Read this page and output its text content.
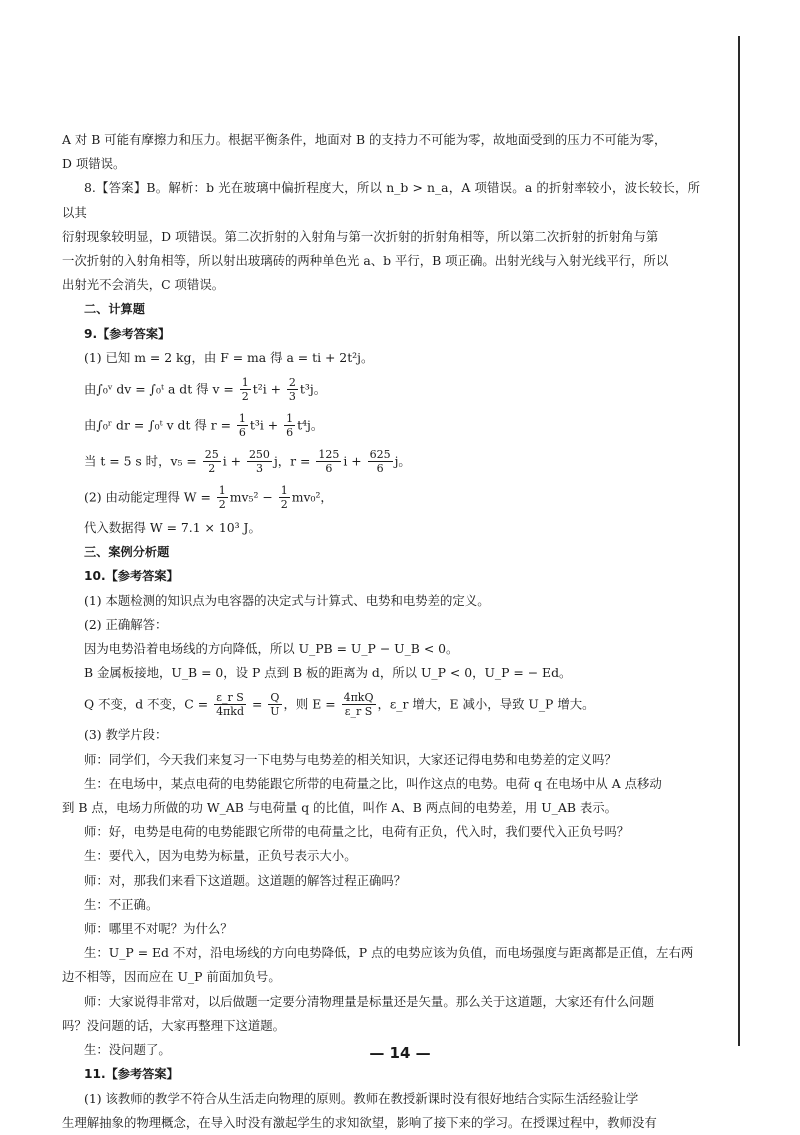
A 对 B 可能有摩擦力和压力。根据平衡条件，地面对 B 的支持力不可能为零，故地面受到的压力不可能为零，

D 项错误。

8.【答案】B。解析：b 光在玻璃中偏折程度大，所以 n_b > n_a，A 项错误。a 的折射率较小，波长较长，所以其

衍射现象较明显，D 项错误。第二次折射的入射角与第一次折射的折射角相等，所以第二次折射的折射角与第

一次折射的入射角相等，所以射出玻璃砖的两种单色光 a、b 平行，B 项正确。出射光线与入射光线平行，所以

出射光不会消失，C 项错误。

二、计算题

9.【参考答案】

(1) 已知 m = 2 kg，由 F = ma 得 a = ti + 2t²j。

由∫₀ᵛ dv = ∫₀ᵗ a dt 得 $v = \frac{1}{2} t^2i + \frac{2}{3} t^3j$。
由∫₀ʳ dr = ∫₀ᵗ v dt 得 $r = \frac{1}{6} t^3i + \frac{1}{6} t^4j$。
当 t = 5 s 时，$v_5 = \frac{25}{2}$ $i + \frac{250}{3}$ j，$r = \frac{125}{6}$ $i + \frac{625}{6}$ j。
(2) 由动能定理得 $W = \frac{1}{2} mv_5^2 - \frac{1}{2} mv_0^2$，

代入数据得 W = 7.1 × 10³ J。

三、案例分析题

10.【参考答案】

(1) 本题检测的知识点为电容器的决定式与计算式、电势和电势差的定义。

(2) 正确解答：

因为电势沿着电场线的方向降低，所以 U_PB = U_P − U_B < 0。

B 金属板接地，U_B = 0，设 P 点到 B 板的距离为 d，所以 U_P < 0，U_P = − Ed。

Q 不变，d 不变，$C = \frac{\text{ε\_r S}}{\text{4πkd}} = \frac{Q}{U}$ ，则 $E = \frac{\text{4πkQ}}{\text{ε\_r S}}$ ，ε_r 增大，E 减小，导致 U_P 增大。

(3) 教学片段：

师：同学们，今天我们来复习一下电势与电势差的相关知识，大家还记得电势和电势差的定义吗？

生：在电场中，某点电荷的电势能跟它所带的电荷量之比，叫作这点的电势。电荷 q 在电场中从 A 点移动

到 B 点，电场力所做的功 W_AB 与电荷量 q 的比值，叫作 A、B 两点间的电势差，用 U_AB 表示。

师：好，电势是电荷的电势能跟它所带的电荷量之比，电荷有正负，代入时，我们要代入正负号吗？

生：要代入，因为电势为标量，正负号表示大小。

师：对，那我们来看下这道题。这道题的解答过程正确吗？

生：不正确。

师：哪里不对呢？为什么？

生：U_P = Ed 不对，沿电场线的方向电势降低，P 点的电势应该为负值，而电场强度与距离都是正值，左右两

边不相等，因而应在 U_P 前面加负号。

师：大家说得非常对，以后做题一定要分清物理量是标量还是矢量。那么关于这道题，大家还有什么问题

吗？没问题的话，大家再整理下这道题。

生：没问题了。

11.【参考答案】

(1) 该教师的教学不符合从生活走向物理的原则。教师在教授新课时没有很好地结合实际生活经验让学

生理解抽象的物理概念，在导入时没有激起学生的求知欲望，影响了接下来的学习。在授课过程中，教师没有

— 14 —
